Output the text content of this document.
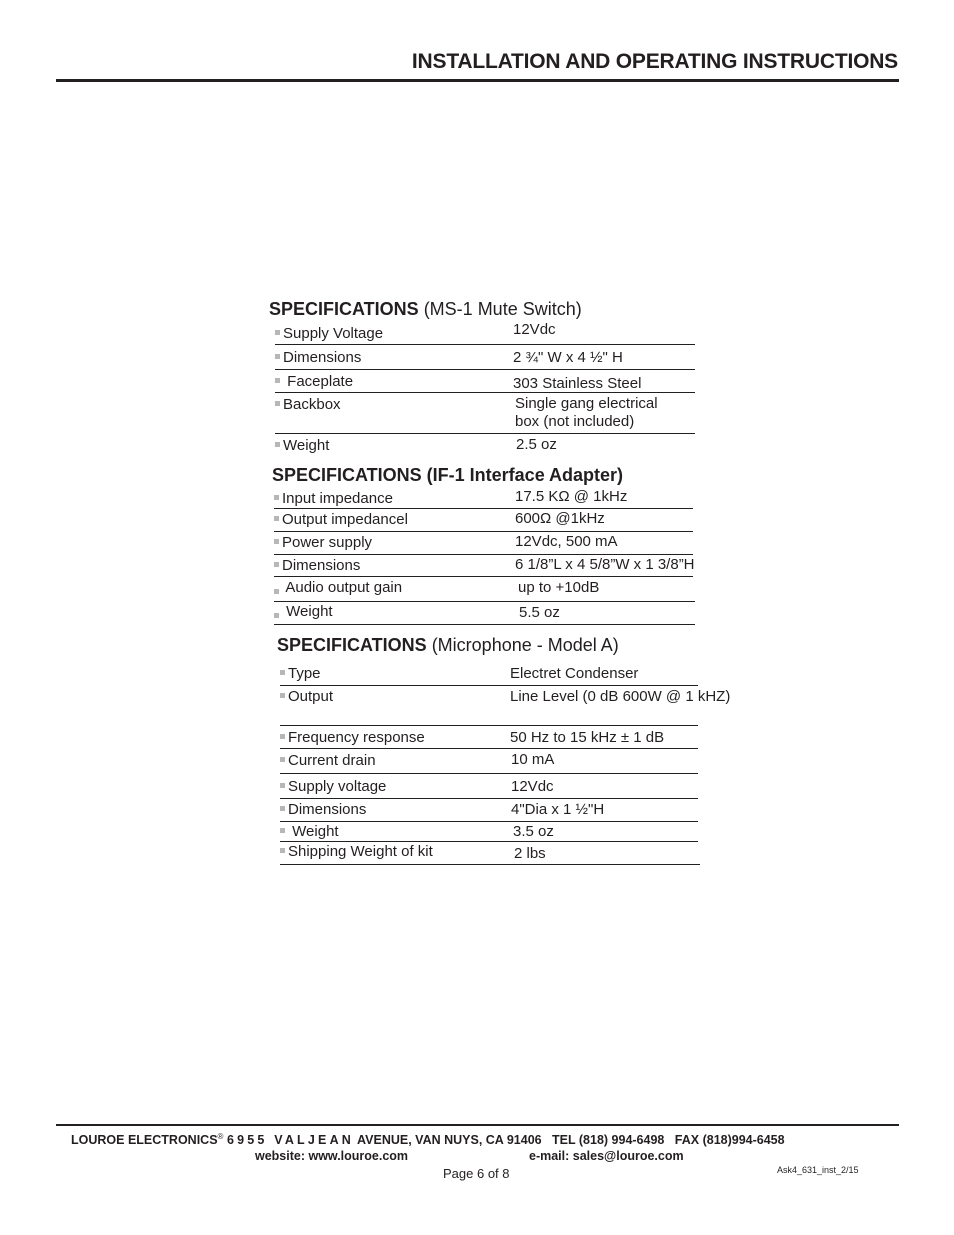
INSTALLATION AND OPERATING INSTRUCTIONS
SPECIFICATIONS (MS-1 Mute Switch)
Supply Voltage	12Vdc
Dimensions	2 ¾" W x 4 ½" H
Faceplate	303 Stainless Steel
Backbox	Single gang electrical
box (not included)
Weight	2.5 oz
SPECIFICATIONS (IF-1 Interface Adapter)
Input impedance	17.5 KΩ @ 1kHz
Output impedancel	600Ω @1kHz
Power supply	12Vdc, 500 mA
Dimensions	6 1/8”L x 4 5/8”W x 1 3/8”H
Audio output gain	up to +10dB
Weight	5.5 oz
SPECIFICATIONS (Microphone - Model A)
Type	Electret Condenser
Output	Line Level (0 dB 600W @ 1 kHZ)
Frequency response	50 Hz to 15 kHz ± 1 dB
Current drain	10 mA
Supply voltage	12Vdc
Dimensions	4"Dia x 1 ½"H
Weight	3.5 oz
Shipping Weight of kit	2 lbs
LOUROE ELECTRONICS® 6955 VALJEAN AVENUE, VAN NUYS, CA 91406 TEL (818) 994-6498 FAX (818)994-6458
website: www.louroe.com	e-mail: sales@louroe.com
Page 6 of 8	Ask4_631_inst_2/15
